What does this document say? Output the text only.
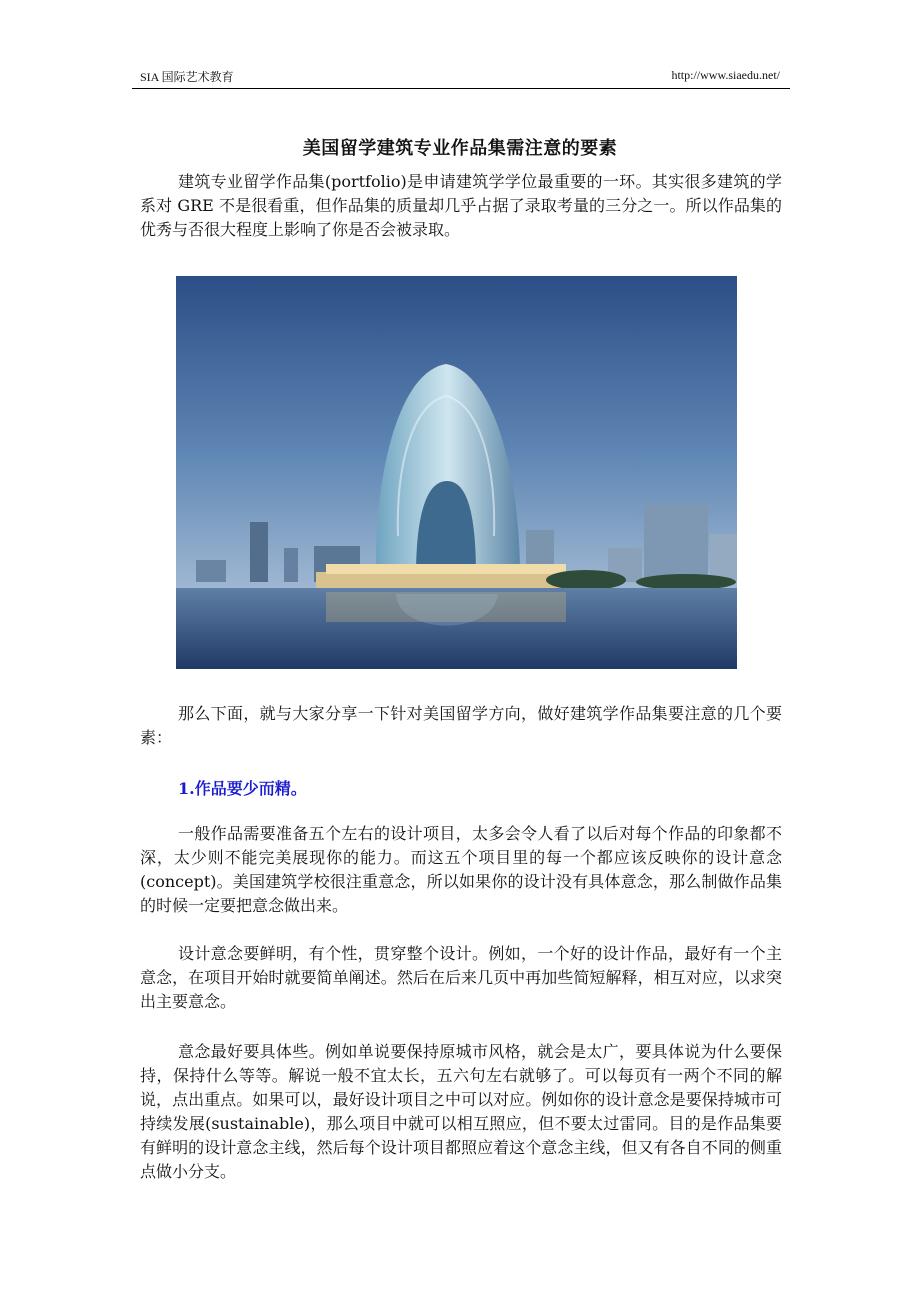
SIA 国际艺术教育	http://www.siaedu.net/
美国留学建筑专业作品集需注意的要素

建筑专业留学作品集(portfolio)是申请建筑学学位最重要的一环。其实很多建筑的学系对 GRE 不是很看重，但作品集的质量却几乎占据了录取考量的三分之一。所以作品集的优秀与否很大程度上影响了你是否会被录取。

那么下面，就与大家分享一下针对美国留学方向，做好建筑学作品集要注意的几个要素：

1.作品要少而精。

一般作品需要准备五个左右的设计项目，太多会令人看了以后对每个作品的印象都不深，太少则不能完美展现你的能力。而这五个项目里的每一个都应该反映你的设计意念(concept)。美国建筑学校很注重意念，所以如果你的设计没有具体意念，那么制做作品集的时候一定要把意念做出来。

设计意念要鲜明，有个性，贯穿整个设计。例如，一个好的设计作品，最好有一个主意念，在项目开始时就要简单阐述。然后在后来几页中再加些简短解释，相互对应，以求突出主要意念。

意念最好要具体些。例如单说要保持原城市风格，就会是太广，要具体说为什么要保持，保持什么等等。解说一般不宜太长，五六句左右就够了。可以每页有一两个不同的解说，点出重点。如果可以，最好设计项目之中可以对应。例如你的设计意念是要保持城市可持续发展(sustainable)，那么项目中就可以相互照应，但不要太过雷同。目的是作品集要有鲜明的设计意念主线，然后每个设计项目都照应着这个意念主线，但又有各自不同的侧重点做小分支。
